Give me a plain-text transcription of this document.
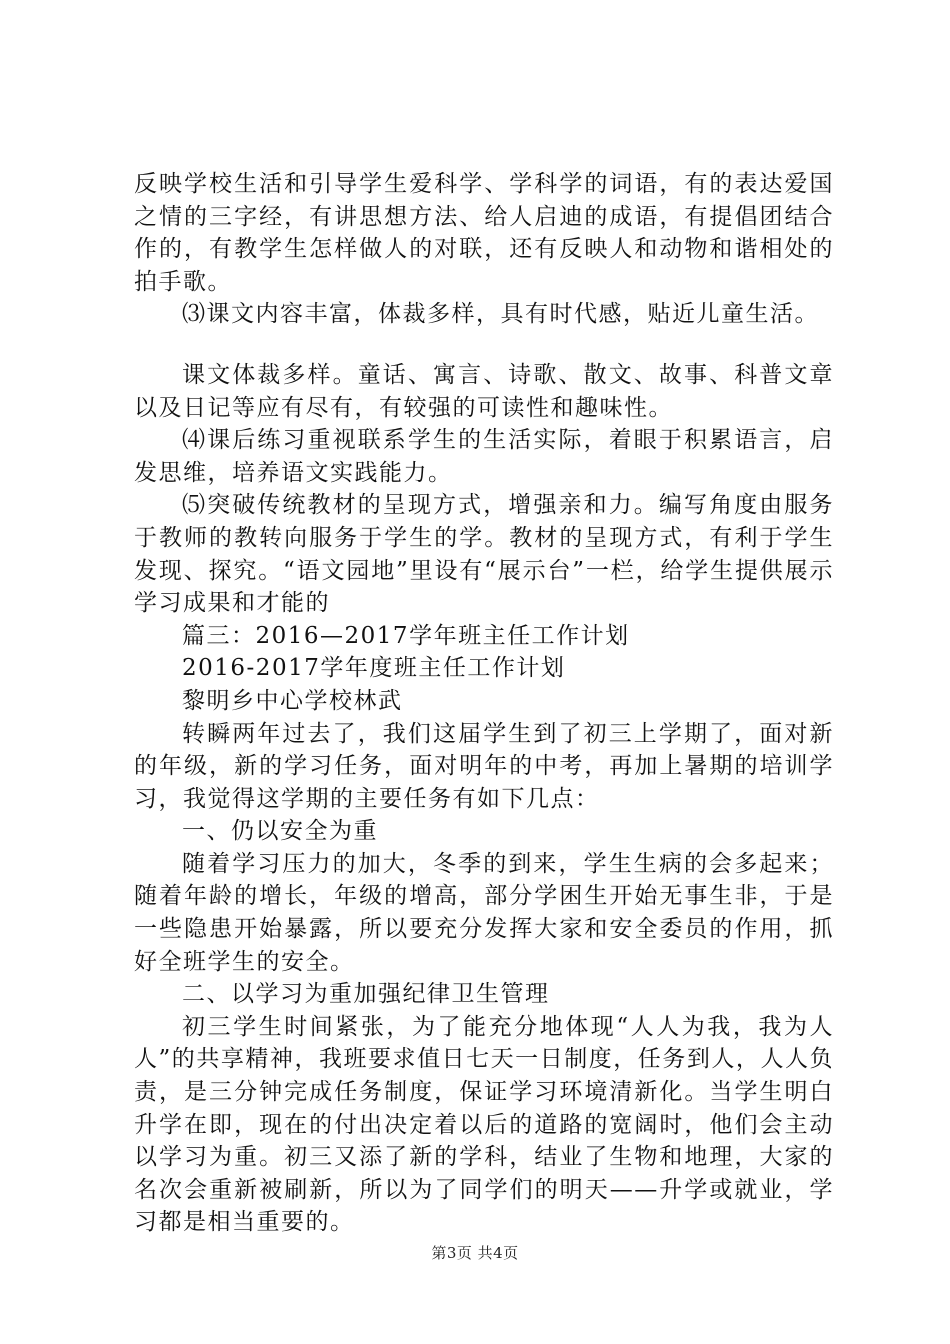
反映学校生活和引导学生爱科学、学科学的词语，有的表达爱国之情的三字经，有讲思想方法、给人启迪的成语，有提倡团结合作的，有教学生怎样做人的对联，还有反映人和动物和谐相处的拍手歌。

⑶课文内容丰富，体裁多样，具有时代感，贴近儿童生活。

课文体裁多样。童话、寓言、诗歌、散文、故事、科普文章以及日记等应有尽有，有较强的可读性和趣味性。

⑷课后练习重视联系学生的生活实际，着眼于积累语言，启发思维，培养语文实践能力。

⑸突破传统教材的呈现方式，增强亲和力。编写角度由服务于教师的教转向服务于学生的学。教材的呈现方式，有利于学生发现、探究。“语文园地”里设有“展示台”一栏，给学生提供展示学习成果和才能的

篇三：2016—2017学年班主任工作计划

2016-2017学年度班主任工作计划

黎明乡中心学校林武

转瞬两年过去了，我们这届学生到了初三上学期了，面对新的年级，新的学习任务，面对明年的中考，再加上暑期的培训学习，我觉得这学期的主要任务有如下几点：

一、仍以安全为重

随着学习压力的加大，冬季的到来，学生生病的会多起来；随着年龄的增长，年级的增高，部分学困生开始无事生非，于是一些隐患开始暴露，所以要充分发挥大家和安全委员的作用，抓好全班学生的安全。

二、以学习为重加强纪律卫生管理

初三学生时间紧张，为了能充分地体现“人人为我，我为人人”的共享精神，我班要求值日七天一日制度，任务到人，人人负责，是三分钟完成任务制度，保证学习环境清新化。当学生明白升学在即，现在的付出决定着以后的道路的宽阔时，他们会主动以学习为重。初三又添了新的学科，结业了生物和地理，大家的名次会重新被刷新，所以为了同学们的明天——升学或就业，学习都是相当重要的。

第3页 共4页
